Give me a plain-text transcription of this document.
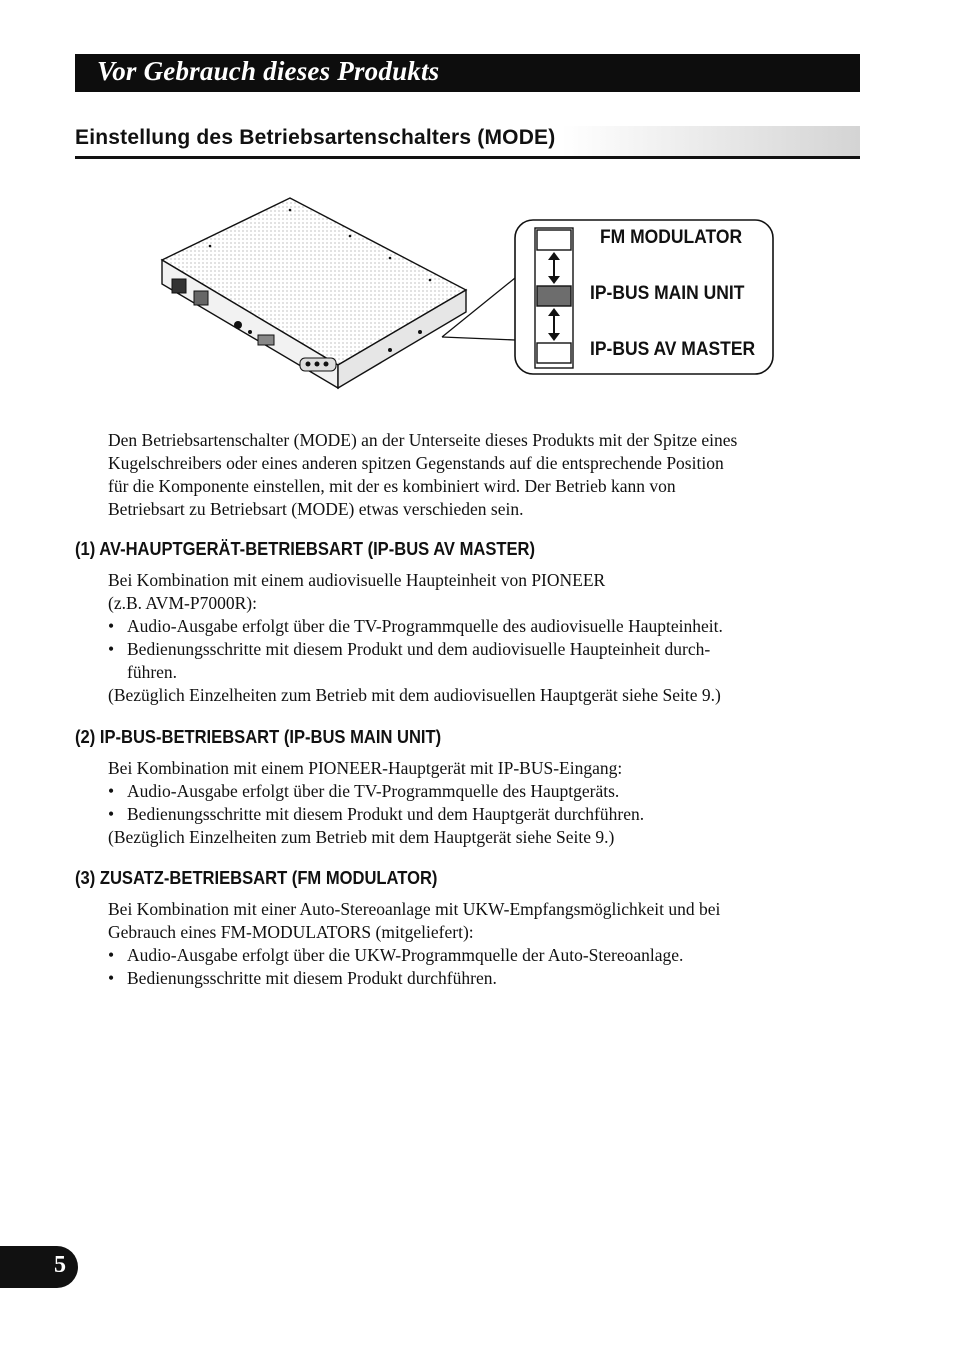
Vor Gebrauch dieses Produkts
Einstellung des Betriebsartenschalters (MODE)
FM MODULATOR
IP-BUS MAIN UNIT
IP-BUS AV MASTER
Den Betriebsartenschalter (MODE) an der Unterseite dieses Produkts mit der Spitze eines
Kugelschreibers oder eines anderen spitzen Gegenstands auf die entsprechende Position
für die Komponente einstellen, mit der es kombiniert wird. Der Betrieb kann von
Betriebsart zu Betriebsart (MODE) etwas verschieden sein.
(1) AV-HAUPTGERÄT-BETRIEBSART (IP-BUS AV MASTER)
Bei Kombination mit einem audiovisuelle Haupteinheit von PIONEER
(z.B. AVM-P7000R):
• Audio-Ausgabe erfolgt über die TV-Programmquelle des audiovisuelle Haupteinheit.
• Bedienungsschritte mit diesem Produkt und dem audiovisuelle Haupteinheit durch-
führen.
(Bezüglich Einzelheiten zum Betrieb mit dem audiovisuellen Hauptgerät siehe Seite 9.)
(2) IP-BUS-BETRIEBSART (IP-BUS MAIN UNIT)
Bei Kombination mit einem PIONEER-Hauptgerät mit IP-BUS-Eingang:
• Audio-Ausgabe erfolgt über die TV-Programmquelle des Hauptgeräts.
• Bedienungsschritte mit diesem Produkt und dem Hauptgerät durchführen.
(Bezüglich Einzelheiten zum Betrieb mit dem Hauptgerät siehe Seite 9.)
(3) ZUSATZ-BETRIEBSART (FM MODULATOR)
Bei Kombination mit einer Auto-Stereoanlage mit UKW-Empfangsmöglichkeit und bei
Gebrauch eines FM-MODULATORS (mitgeliefert):
• Audio-Ausgabe erfolgt über die UKW-Programmquelle der Auto-Stereoanlage.
• Bedienungsschritte mit diesem Produkt durchführen.
5
